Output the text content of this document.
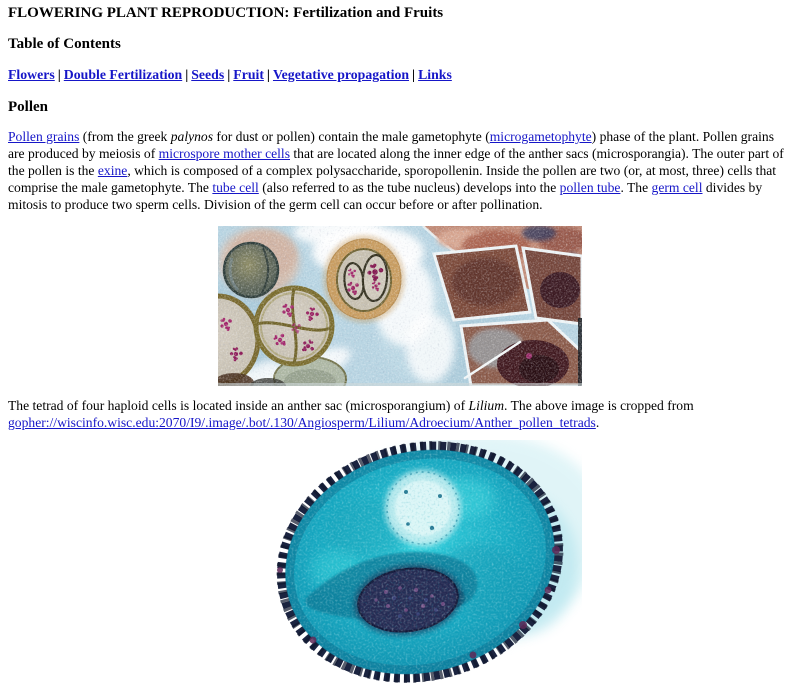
FLOWERING PLANT REPRODUCTION: Fertilization and Fruits

Table of Contents

Flowers | Double Fertilization | Seeds | Fruit | Vegetative propagation | Links

Pollen

Pollen grains (from the greek palynos for dust or pollen) contain the male gametophyte (microgametophyte) phase of the plant. Pollen grains are produced by meiosis of microspore mother cells that are located along the inner edge of the anther sacs (microsporangia). The outer part of the pollen is the exine, which is composed of a complex polysaccharide, sporopollenin. Inside the pollen are two (or, at most, three) cells that comprise the male gametophyte. The tube cell (also referred to as the tube nucleus) develops into the pollen tube. The germ cell divides by mitosis to produce two sperm cells. Division of the germ cell can occur before or after pollination.

The tetrad of four haploid cells is located inside an anther sac (microsporangium) of Lilium. The above image is cropped from gopher://wiscinfo.wisc.edu:2070/I9/.image/.bot/.130/Angiosperm/Lilium/Adroecium/Anther_pollen_tetrads.
